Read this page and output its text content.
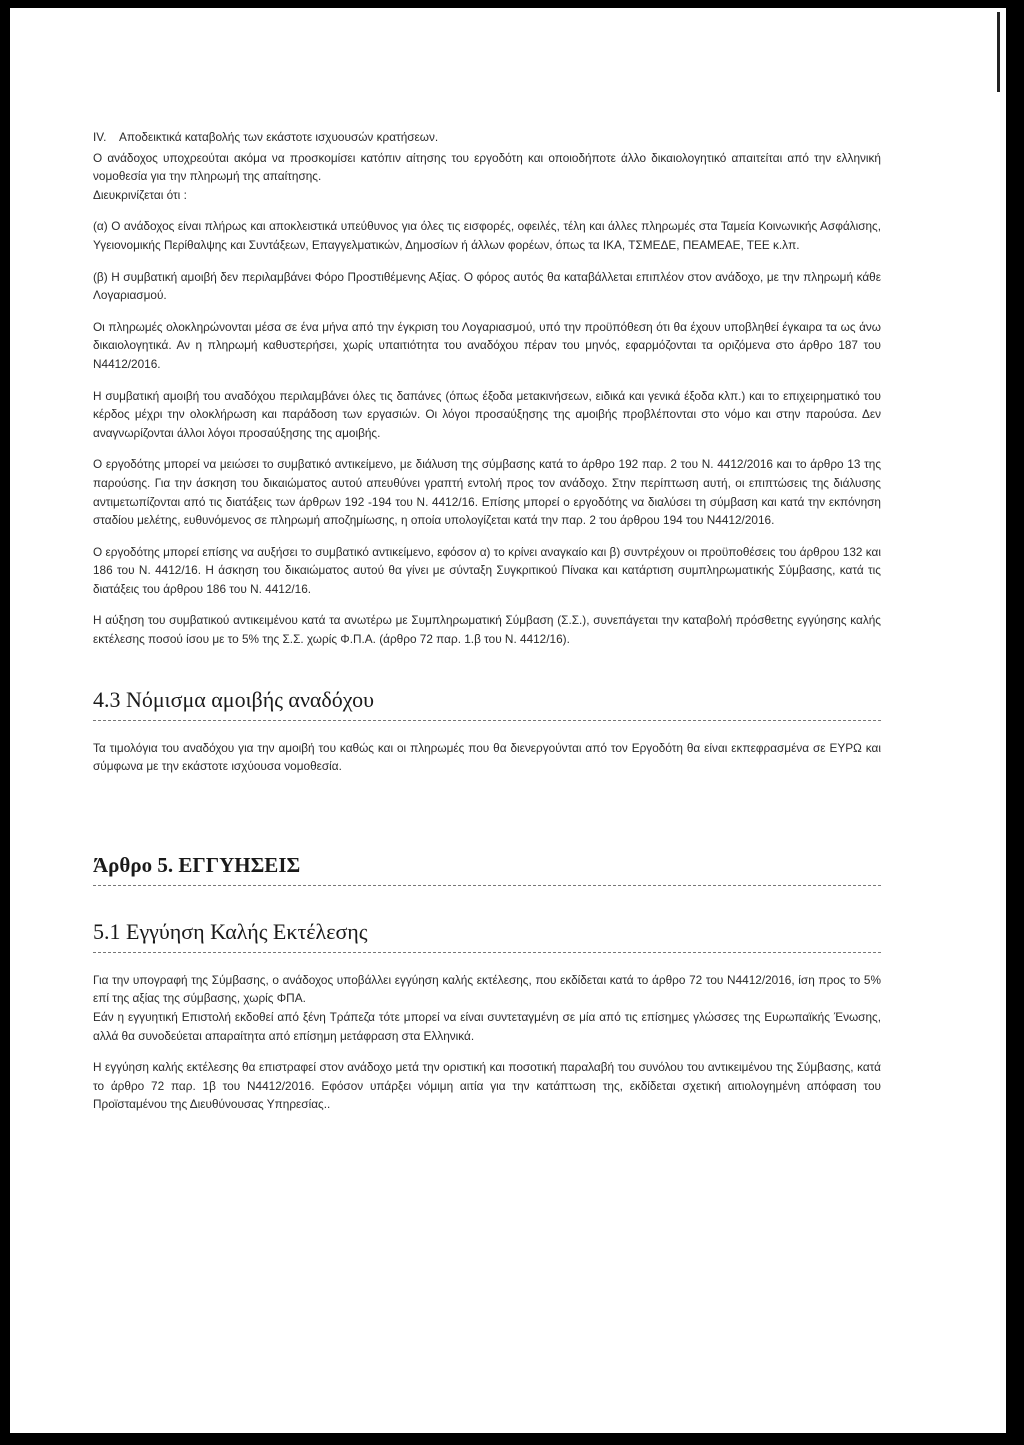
IV. Αποδεικτικά καταβολής των εκάστοτε ισχυουσών κρατήσεων.

Ο ανάδοχος υποχρεούται ακόμα να προσκομίσει κατόπιν αίτησης του εργοδότη και οποιοδήποτε άλλο δικαιολογητικό απαιτείται από την ελληνική νομοθεσία για την πληρωμή της απαίτησης.

Διευκρινίζεται ότι :

(α) Ο ανάδοχος είναι πλήρως και αποκλειστικά υπεύθυνος για όλες τις εισφορές, οφειλές, τέλη και άλλες πληρωμές στα Ταμεία Κοινωνικής Ασφάλισης, Υγειονομικής Περίθαλψης και Συντάξεων, Επαγγελματικών, Δημοσίων ή άλλων φορέων, όπως τα ΙΚΑ, ΤΣΜΕΔΕ, ΠΕΑΜΕΑΕ, ΤΕΕ κ.λπ.

(β) Η συμβατική αμοιβή δεν περιλαμβάνει Φόρο Προστιθέμενης Αξίας. Ο φόρος αυτός θα καταβάλλεται επιπλέον στον ανάδοχο, με την πληρωμή κάθε Λογαριασμού.

Οι πληρωμές ολοκληρώνονται μέσα σε ένα μήνα από την έγκριση του Λογαριασμού, υπό την προϋπόθεση ότι θα έχουν υποβληθεί έγκαιρα τα ως άνω δικαιολογητικά. Αν η πληρωμή καθυστερήσει, χωρίς υπαιτιότητα του αναδόχου πέραν του μηνός, εφαρμόζονται τα οριζόμενα στο άρθρο 187 του Ν4412/2016.

Η συμβατική αμοιβή του αναδόχου περιλαμβάνει όλες τις δαπάνες (όπως έξοδα μετακινήσεων, ειδικά και γενικά έξοδα κλπ.) και το επιχειρηματικό του κέρδος μέχρι την ολοκλήρωση και παράδοση των εργασιών. Οι λόγοι προσαύξησης της αμοιβής προβλέπονται στο νόμο και στην παρούσα. Δεν αναγνωρίζονται άλλοι λόγοι προσαύξησης της αμοιβής.

Ο εργοδότης μπορεί να μειώσει το συμβατικό αντικείμενο, με διάλυση της σύμβασης κατά το άρθρο 192 παρ. 2 του Ν. 4412/2016 και το άρθρο 13 της παρούσης. Για την άσκηση του δικαιώματος αυτού απευθύνει γραπτή εντολή προς τον ανάδοχο. Στην περίπτωση αυτή, οι επιπτώσεις της διάλυσης αντιμετωπίζονται από τις διατάξεις των άρθρων 192 -194 του Ν. 4412/16. Επίσης μπορεί ο εργοδότης να διαλύσει τη σύμβαση και κατά την εκπόνηση σταδίου μελέτης, ευθυνόμενος σε πληρωμή αποζημίωσης, η οποία υπολογίζεται κατά την παρ. 2 του άρθρου 194 του Ν4412/2016.

Ο εργοδότης μπορεί επίσης να αυξήσει το συμβατικό αντικείμενο, εφόσον α) το κρίνει αναγκαίο και β) συντρέχουν οι προϋποθέσεις του άρθρου 132 και 186 του Ν. 4412/16. Η άσκηση του δικαιώματος αυτού θα γίνει με σύνταξη Συγκριτικού Πίνακα και κατάρτιση συμπληρωματικής Σύμβασης, κατά τις διατάξεις του άρθρου 186 του Ν. 4412/16.

Η αύξηση του συμβατικού αντικειμένου κατά τα ανωτέρω με Συμπληρωματική Σύμβαση (Σ.Σ.), συνεπάγεται την καταβολή πρόσθετης εγγύησης καλής εκτέλεσης ποσού ίσου με το 5% της Σ.Σ. χωρίς Φ.Π.Α. (άρθρο 72 παρ. 1.β του Ν. 4412/16).

4.3 Νόμισμα αμοιβής αναδόχου

Τα τιμολόγια του αναδόχου για την αμοιβή του καθώς και οι πληρωμές που θα διενεργούνται από τον Εργοδότη θα είναι εκπεφρασμένα σε ΕΥΡΩ και σύμφωνα με την εκάστοτε ισχύουσα νομοθεσία.

Άρθρο 5. ΕΓΓΥΗΣΕΙΣ
5.1 Εγγύηση Καλής Εκτέλεσης

Για την υπογραφή της Σύμβασης, ο ανάδοχος υποβάλλει εγγύηση καλής εκτέλεσης, που εκδίδεται κατά το άρθρο 72 του Ν4412/2016, ίση προς το 5% επί της αξίας της σύμβασης, χωρίς ΦΠΑ.

Εάν η εγγυητική Επιστολή εκδοθεί από ξένη Τράπεζα τότε μπορεί να είναι συντεταγμένη σε μία από τις επίσημες γλώσσες της Ευρωπαϊκής Ένωσης, αλλά θα συνοδεύεται απαραίτητα από επίσημη μετάφραση στα Ελληνικά.

Η εγγύηση καλής εκτέλεσης θα επιστραφεί στον ανάδοχο μετά την οριστική και ποσοτική παραλαβή του συνόλου του αντικειμένου της Σύμβασης, κατά το άρθρο 72 παρ. 1β του Ν4412/2016. Εφόσον υπάρξει νόμιμη αιτία για την κατάπτωση της, εκδίδεται σχετική αιτιολογημένη απόφαση του Προϊσταμένου της Διευθύνουσας Υπηρεσίας..
